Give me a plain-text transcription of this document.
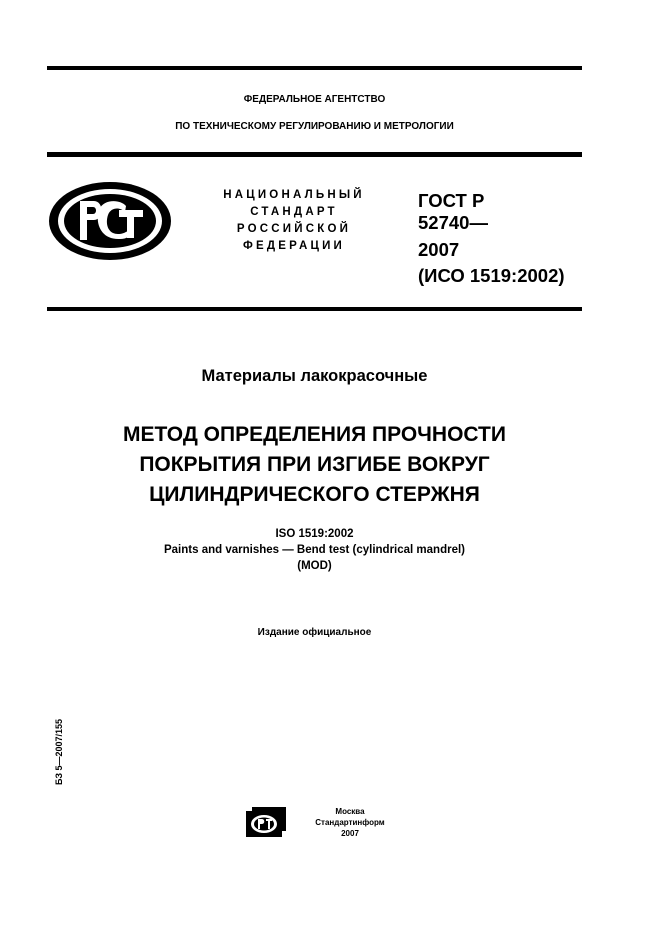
ФЕДЕРАЛЬНОЕ АГЕНТСТВО
ПО ТЕХНИЧЕСКОМУ РЕГУЛИРОВАНИЮ И МЕТРОЛОГИИ
НАЦИОНАЛЬНЫЙ
СТАНДАРТ
РОССИЙСКОЙ
ФЕДЕРАЦИИ
ГОСТ Р
52740—
2007
(ИСО 1519:2002)
Материалы лакокрасочные
МЕТОД ОПРЕДЕЛЕНИЯ ПРОЧНОСТИ
ПОКРЫТИЯ ПРИ ИЗГИБЕ ВОКРУГ
ЦИЛИНДРИЧЕСКОГО СТЕРЖНЯ
ISO 1519:2002
Paints and varnishes — Bend test (cylindrical mandrel)
(MOD)
Издание официальное
БЗ 5—2007/155
Москва
Стандартинформ
2007
